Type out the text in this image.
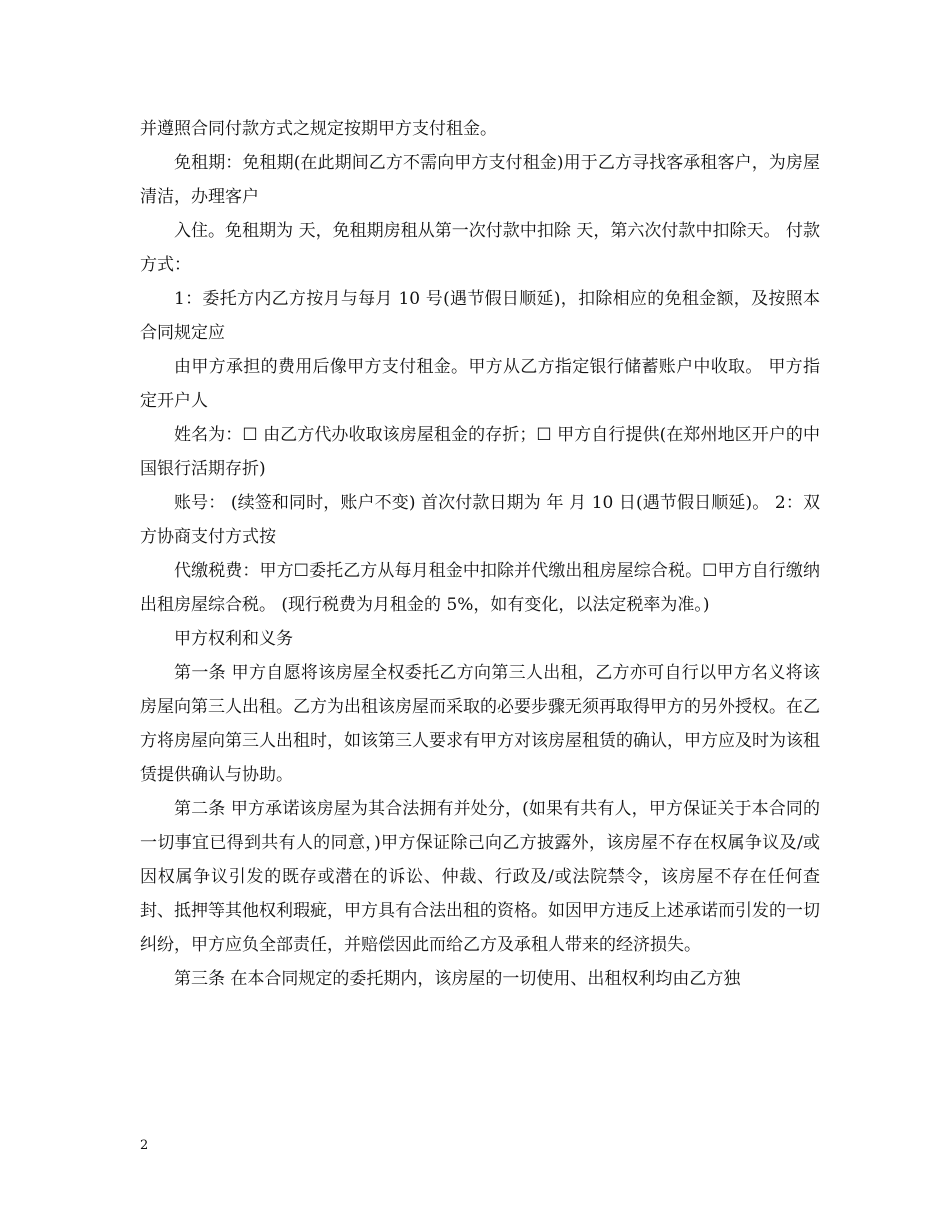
并遵照合同付款方式之规定按期甲方支付租金。

免租期：免租期(在此期间乙方不需向甲方支付租金)用于乙方寻找客承租客户，为房屋清洁，办理客户

入住。免租期为 天，免租期房租从第一次付款中扣除 天，第六次付款中扣除天。 付款方式：

1：委托方内乙方按月与每月 10 号(遇节假日顺延)，扣除相应的免租金额，及按照本合同规定应

由甲方承担的费用后像甲方支付租金。甲方从乙方指定银行储蓄账户中收取。 甲方指定开户人

姓名为：☐ 由乙方代办收取该房屋租金的存折；☐ 甲方自行提供(在郑州地区开户的中国银行活期存折)

账号： (续签和同时，账户不变) 首次付款日期为 年 月 10 日(遇节假日顺延)。 2：双方协商支付方式按

代缴税费：甲方☐委托乙方从每月租金中扣除并代缴出租房屋综合税。☐甲方自行缴纳出租房屋综合税。 (现行税费为月租金的 5%，如有变化，以法定税率为准。)

甲方权利和义务

第一条 甲方自愿将该房屋全权委托乙方向第三人出租，乙方亦可自行以甲方名义将该房屋向第三人出租。乙方为出租该房屋而采取的必要步骤无须再取得甲方的另外授权。在乙方将房屋向第三人出租时，如该第三人要求有甲方对该房屋租赁的确认，甲方应及时为该租赁提供确认与协助。

第二条 甲方承诺该房屋为其合法拥有并处分，(如果有共有人，甲方保证关于本合同的一切事宜已得到共有人的同意，)甲方保证除己向乙方披露外，该房屋不存在权属争议及/或因权属争议引发的既存或潜在的诉讼、仲裁、行政及/或法院禁令，该房屋不存在任何查封、抵押等其他权利瑕疵，甲方具有合法出租的资格。如因甲方违反上述承诺而引发的一切纠纷，甲方应负全部责任，并赔偿因此而给乙方及承租人带来的经济损失。

第三条 在本合同规定的委托期内，该房屋的一切使用、出租权利均由乙方独

2
